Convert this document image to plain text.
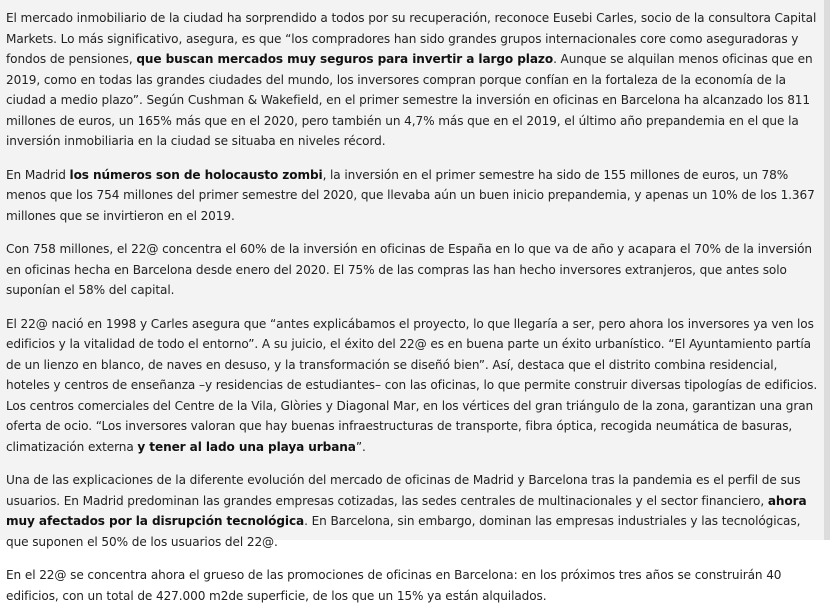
El mercado inmobiliario de la ciudad ha sorprendido a todos por su recuperación, reconoce Eusebi Carles, socio de la consultora Capital Markets. Lo más significativo, asegura, es que “los compradores han sido grandes grupos internacionales core como aseguradoras y fondos de pensiones, que buscan mercados muy seguros para invertir a largo plazo. Aunque se alquilan menos oficinas que en 2019, como en todas las grandes ciudades del mundo, los inversores compran porque confían en la fortaleza de la economía de la ciudad a medio plazo”. Según Cushman & Wakefield, en el primer semestre la inversión en oficinas en Barcelona ha alcanzado los 811 millones de euros, un 165% más que en el 2020, pero también un 4,7% más que en el 2019, el último año prepandemia en el que la inversión inmobiliaria en la ciudad se situaba en niveles récord.

En Madrid los números son de holocausto zombi, la inversión en el primer semestre ha sido de 155 millones de euros, un 78% menos que los 754 millones del primer semestre del 2020, que llevaba aún un buen inicio prepandemia, y apenas un 10% de los 1.367 millones que se invirtieron en el 2019.

Con 758 millones, el 22@ concentra el 60% de la inversión en oficinas de España en lo que va de año y acapara el 70% de la inversión en oficinas hecha en Barcelona desde enero del 2020. El 75% de las compras las han hecho inversores extranjeros, que antes solo suponían el 58% del capital.

El 22@ nació en 1998 y Carles asegura que “antes explicábamos el proyecto, lo que llegaría a ser, pero ahora los inversores ya ven los edificios y la vitalidad de todo el entorno”. A su juicio, el éxito del 22@ es en buena parte un éxito urbanístico. “El Ayuntamiento partía de un lienzo en blanco, de naves en desuso, y la transformación se diseñó bien”. Así, destaca que el distrito combina residencial, hoteles y centros de enseñanza –y residencias de estudiantes– con las oficinas, lo que permite construir diversas tipologías de edificios. Los centros comerciales del Centre de la Vila, Glòries y Diagonal Mar, en los vértices del gran triángulo de la zona, garantizan una gran oferta de ocio. “Los inversores valoran que hay buenas infraestructuras de transporte, fibra óptica, recogida neumática de basuras, climatización externa y tener al lado una playa urbana”.

Una de las explicaciones de la diferente evolución del mercado de oficinas de Madrid y Barcelona tras la pandemia es el perfil de sus usuarios. En Madrid predominan las grandes empresas cotizadas, las sedes centrales de multinacionales y el sector financiero, ahora muy afectados por la disrupción tecnológica. En Barcelona, sin embargo, dominan las empresas industriales y las tecnológicas, que suponen el 50% de los usuarios del 22@.

En el 22@ se concentra ahora el grueso de las promociones de oficinas en Barcelona: en los próximos tres años se construirán 40 edificios, con un total de 427.000 m2de superficie, de los que un 15% ya están alquilados.
